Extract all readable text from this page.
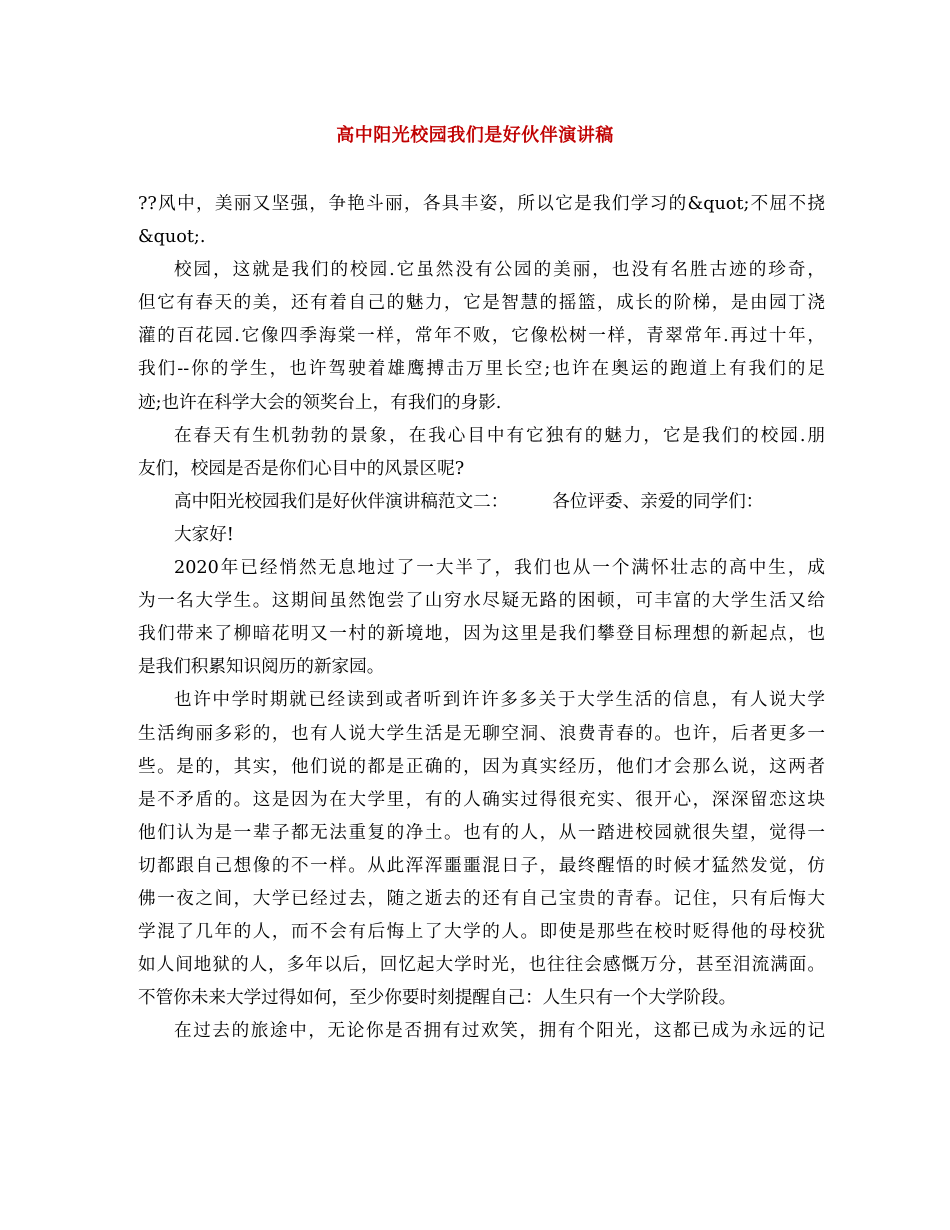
高中阳光校园我们是好伙伴演讲稿
??风中，美丽又坚强，争艳斗丽，各具丰姿，所以它是我们学习的&quot;不屈不挠
&quot;.
校园，这就是我们的校园.它虽然没有公园的美丽，也没有名胜古迹的珍奇，
但它有春天的美，还有着自己的魅力，它是智慧的摇篮，成长的阶梯，是由园丁浇
灌的百花园.它像四季海棠一样，常年不败，它像松树一样，青翠常年.再过十年，
我们--你的学生，也许驾驶着雄鹰搏击万里长空;也许在奥运的跑道上有我们的足
迹;也许在科学大会的领奖台上，有我们的身影.
在春天有生机勃勃的景象，在我心目中有它独有的魅力，它是我们的校园.朋
友们，校园是否是你们心目中的风景区呢?
高中阳光校园我们是好伙伴演讲稿范文二：　　　各位评委、亲爱的同学们：
大家好!
2020年已经悄然无息地过了一大半了，我们也从一个满怀壮志的高中生，成
为一名大学生。这期间虽然饱尝了山穷水尽疑无路的困顿，可丰富的大学生活又给
我们带来了柳暗花明又一村的新境地，因为这里是我们攀登目标理想的新起点，也
是我们积累知识阅历的新家园。
也许中学时期就已经读到或者听到许许多多关于大学生活的信息，有人说大学
生活绚丽多彩的，也有人说大学生活是无聊空洞、浪费青春的。也许，后者更多一
些。是的，其实，他们说的都是正确的，因为真实经历，他们才会那么说，这两者
是不矛盾的。这是因为在大学里，有的人确实过得很充实、很开心，深深留恋这块
他们认为是一辈子都无法重复的净土。也有的人，从一踏进校园就很失望，觉得一
切都跟自己想像的不一样。从此浑浑噩噩混日子，最终醒悟的时候才猛然发觉，仿
佛一夜之间，大学已经过去，随之逝去的还有自己宝贵的青春。记住，只有后悔大
学混了几年的人，而不会有后悔上了大学的人。即使是那些在校时贬得他的母校犹
如人间地狱的人，多年以后，回忆起大学时光，也往往会感慨万分，甚至泪流满面。
不管你未来大学过得如何，至少你要时刻提醒自己：人生只有一个大学阶段。
在过去的旅途中，无论你是否拥有过欢笑，拥有个阳光，这都已成为永远的记
